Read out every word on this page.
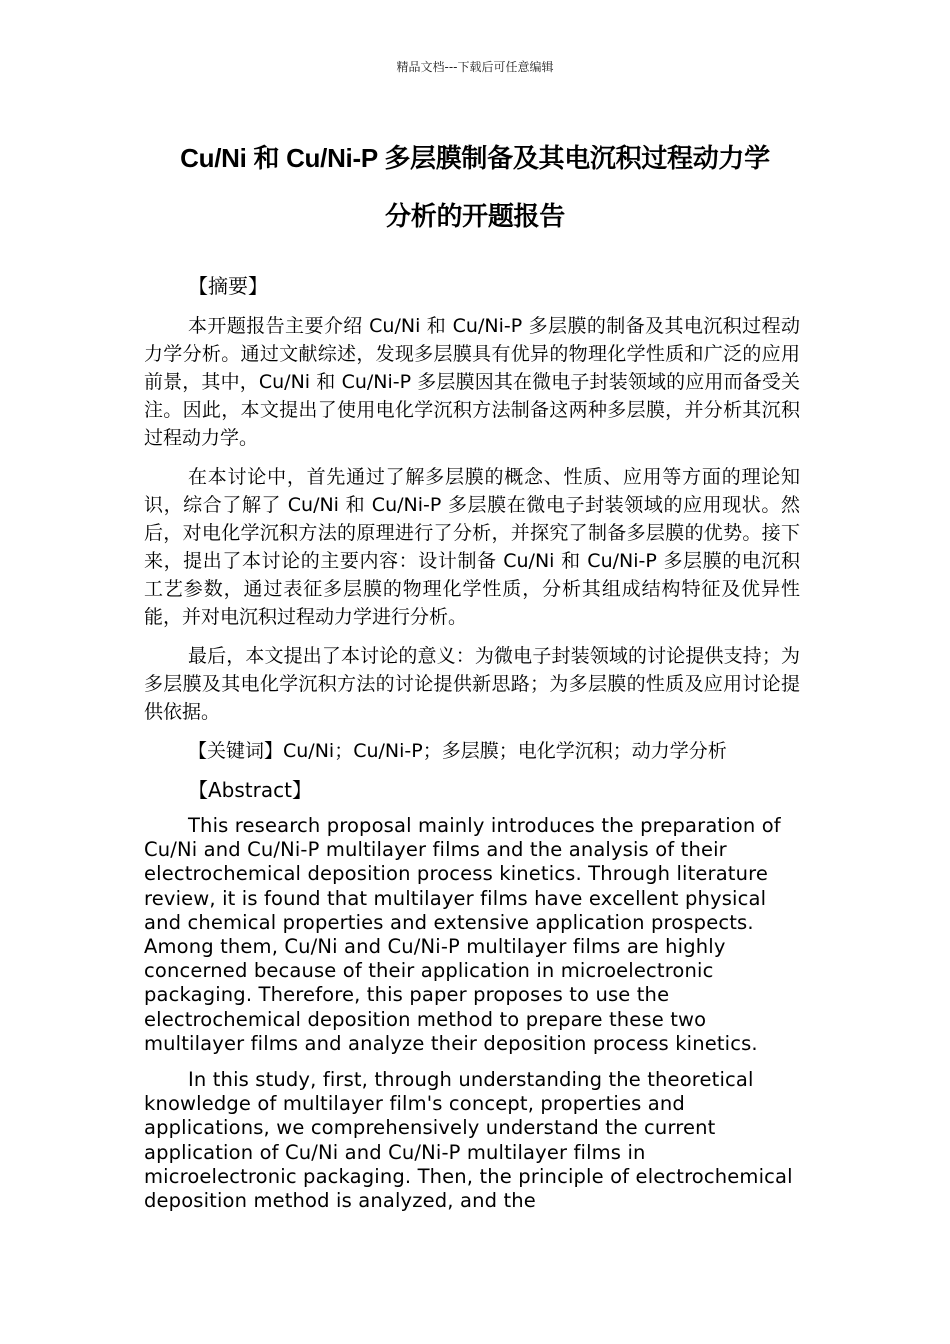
精品文档---下载后可任意编辑
Cu/Ni 和 Cu/Ni-P 多层膜制备及其电沉积过程动力学
分析的开题报告

【摘要】

本开题报告主要介绍 Cu/Ni 和 Cu/Ni-P 多层膜的制备及其电沉积过程动力学分析。通过文献综述，发现多层膜具有优异的物理化学性质和广泛的应用前景，其中，Cu/Ni 和 Cu/Ni-P 多层膜因其在微电子封装领域的应用而备受关注。因此，本文提出了使用电化学沉积方法制备这两种多层膜，并分析其沉积过程动力学。

在本讨论中，首先通过了解多层膜的概念、性质、应用等方面的理论知识，综合了解了 Cu/Ni 和 Cu/Ni-P 多层膜在微电子封装领域的应用现状。然后，对电化学沉积方法的原理进行了分析，并探究了制备多层膜的优势。接下来，提出了本讨论的主要内容：设计制备 Cu/Ni 和 Cu/Ni-P 多层膜的电沉积工艺参数，通过表征多层膜的物理化学性质，分析其组成结构特征及优异性能，并对电沉积过程动力学进行分析。

最后，本文提出了本讨论的意义：为微电子封装领域的讨论提供支持；为多层膜及其电化学沉积方法的讨论提供新思路；为多层膜的性质及应用讨论提供依据。

【关键词】Cu/Ni；Cu/Ni-P；多层膜；电化学沉积；动力学分析

【Abstract】

This research proposal mainly introduces the preparation of Cu/Ni and Cu/Ni-P multilayer films and the analysis of their electrochemical deposition process kinetics. Through literature review, it is found that multilayer films have excellent physical and chemical properties and extensive application prospects. Among them, Cu/Ni and Cu/Ni-P multilayer films are highly concerned because of their application in microelectronic packaging. Therefore, this paper proposes to use the electrochemical deposition method to prepare these two multilayer films and analyze their deposition process kinetics.

In this study, first, through understanding the theoretical knowledge of multilayer film's concept, properties and applications, we comprehensively understand the current application of Cu/Ni and Cu/Ni-P multilayer films in microelectronic packaging. Then, the principle of electrochemical deposition method is analyzed, and the
